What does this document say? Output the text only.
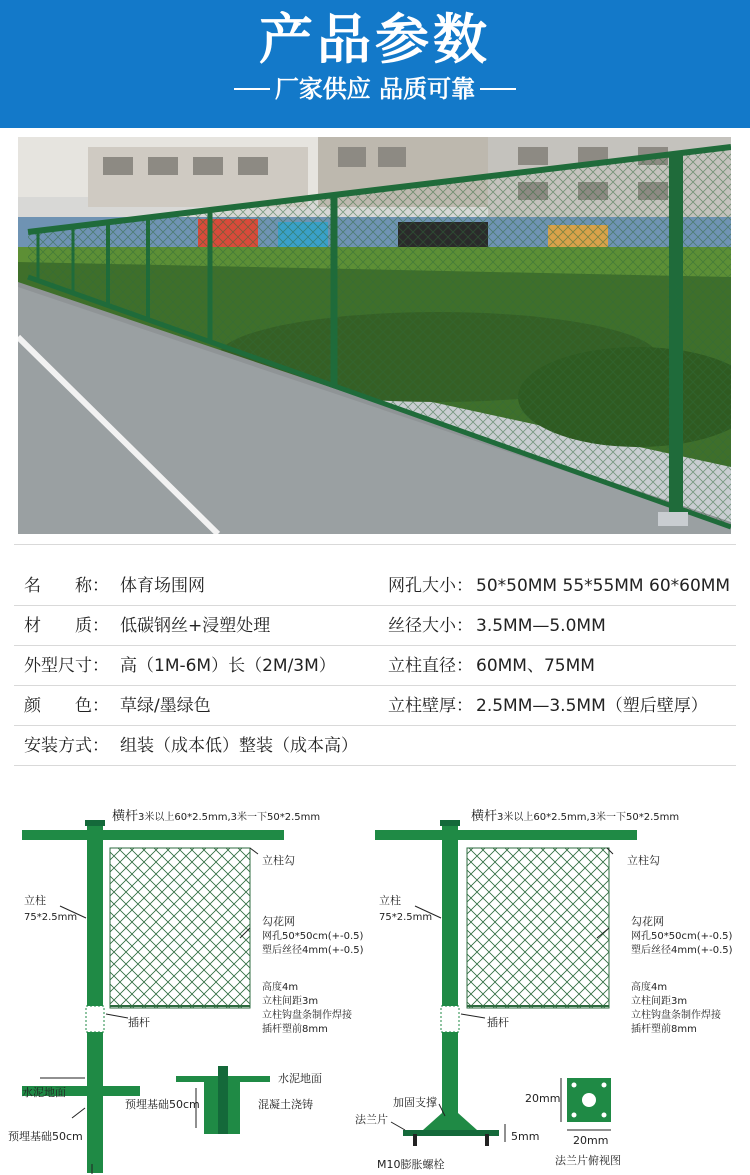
产品参数
厂家供应 品质可靠
名　　称： 体育场围网	网孔大小： 50*50MM 55*55MM 60*60MM
材　　质： 低碳钢丝+浸塑处理	丝径大小： 3.5MM—5.0MM
外型尺寸： 高（1M-6M）长（2M/3M）	立柱直径： 60MM、75MM
颜　　色： 草绿/墨绿色	立柱壁厚： 2.5MM—3.5MM（塑后壁厚）
安装方式： 组装（成本低）整装（成本高）
横杆3米以上60*2.5mm,3米一下50*2.5mm
立柱勾
立柱
75*2.5mm	勾花网
网孔50*50cm(+-0.5)
塑后丝径4mm(+-0.5)
高度4m
立柱间距3m
立柱钩盘条制作焊接
插杆塑前8mm
插杆
水泥地面
预埋基础50cm
水泥地面
预埋基础50cm	混凝土浇铸
横杆3米以上60*2.5mm,3米一下50*2.5mm
立柱勾
立柱
75*2.5mm	勾花网
网孔50*50cm(+-0.5)
塑后丝径4mm(+-0.5)
高度4m
立柱间距3m
立柱钩盘条制作焊接
插杆塑前8mm
插杆
加固支撑
法兰片
M10膨胀螺栓
5mm
20mm
20mm
法兰片俯视图
